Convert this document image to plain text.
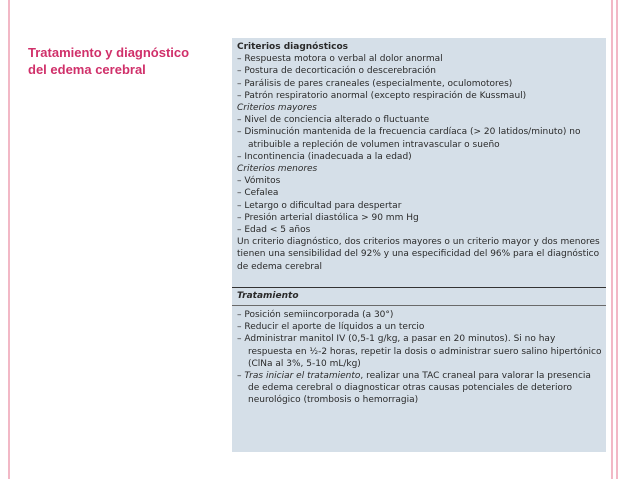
Tratamiento y diagnóstico del edema cerebral
Criterios diagnósticos
– Respuesta motora o verbal al dolor anormal
– Postura de decorticación o descerebración
– Parálisis de pares craneales (especialmente, oculomotores)
– Patrón respiratorio anormal (excepto respiración de Kussmaul)
Criterios mayores
– Nivel de conciencia alterado o fluctuante
– Disminución mantenida de la frecuencia cardíaca (> 20 latidos/minuto) no atribuible a repleción de volumen intravascular o sueño
– Incontinencia (inadecuada a la edad)
Criterios menores
– Vómitos
– Cefalea
– Letargo o dificultad para despertar
– Presión arterial diastólica > 90 mm Hg
– Edad < 5 años
Un criterio diagnóstico, dos criterios mayores o un criterio mayor y dos menores tienen una sensibilidad del 92% y una especificidad del 96% para el diagnóstico de edema cerebral
Tratamiento
– Posición semiincorporada (a 30°)
– Reducir el aporte de líquidos a un tercio
– Administrar manitol IV (0,5-1 g/kg, a pasar en 20 minutos). Si no hay respuesta en ½-2 horas, repetir la dosis o administrar suero salino hipertónico (ClNa al 3%, 5-10 mL/kg)
– Tras iniciar el tratamiento, realizar una TAC craneal para valorar la presencia de edema cerebral o diagnosticar otras causas potenciales de deterioro neurológico (trombosis o hemorragia)
